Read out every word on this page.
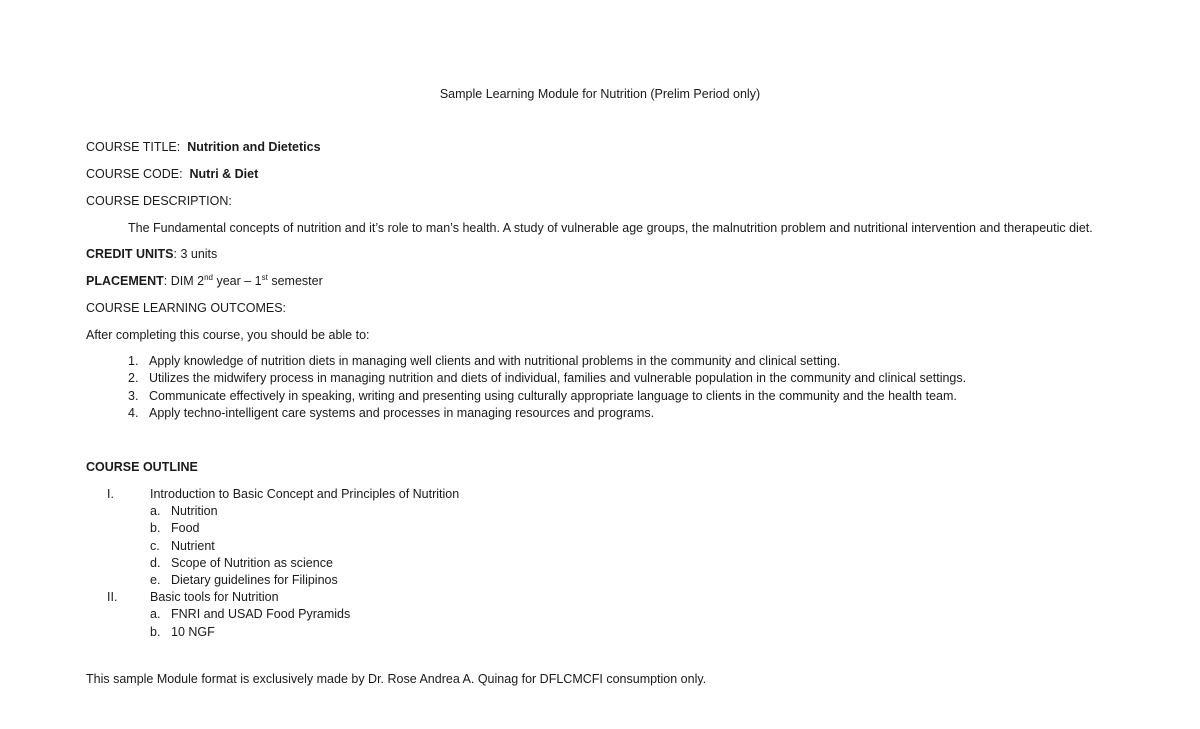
Sample Learning Module for Nutrition (Prelim Period only)
COURSE TITLE: Nutrition and Dietetics
COURSE CODE: Nutri & Diet
COURSE DESCRIPTION:
The Fundamental concepts of nutrition and it’s role to man’s health. A study of vulnerable age groups, the malnutrition problem and nutritional intervention and therapeutic diet.
CREDIT UNITS: 3 units
PLACEMENT: DIM 2nd year – 1st semester
COURSE LEARNING OUTCOMES:
After completing this course, you should be able to:
1. Apply knowledge of nutrition diets in managing well clients and with nutritional problems in the community and clinical setting.
2. Utilizes the midwifery process in managing nutrition and diets of individual, families and vulnerable population in the community and clinical settings.
3. Communicate effectively in speaking, writing and presenting using culturally appropriate language to clients in the community and the health team.
4. Apply techno-intelligent care systems and processes in managing resources and programs.
COURSE OUTLINE
I.	Introduction to Basic Concept and Principles of Nutrition
a. Nutrition
b. Food
c. Nutrient
d. Scope of Nutrition as science
e. Dietary guidelines for Filipinos
II.	Basic tools for Nutrition
a. FNRI and USAD Food Pyramids
b. 10 NGF
This sample Module format is exclusively made by Dr. Rose Andrea A. Quinag for DFLCMCFI consumption only.
